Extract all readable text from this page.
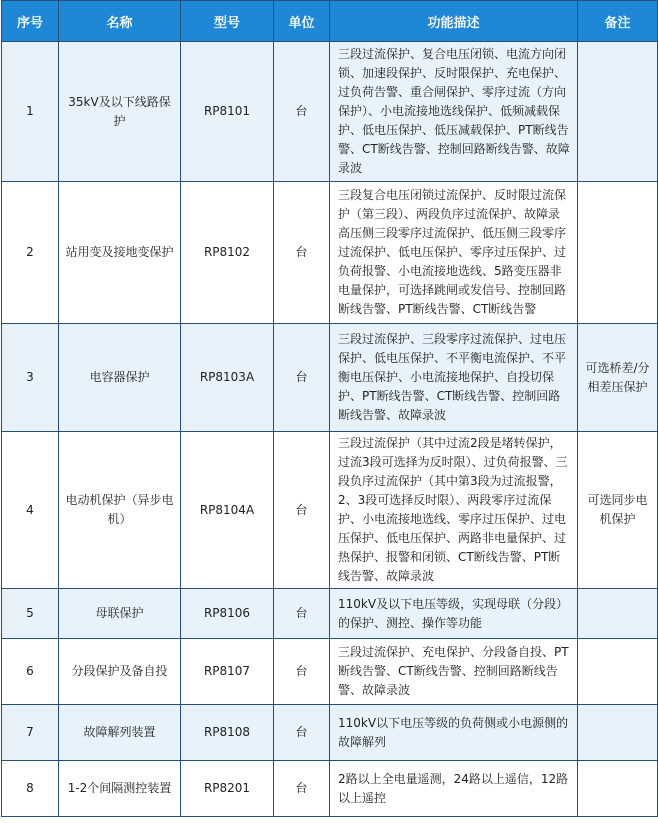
序号	名称	型号	单位	功能描述	备注
1	35kV及以下线路保护	RP8101	台	三段过流保护、复合电压闭锁、电流方向闭锁、加速段保护、反时限保护、充电保护、过负荷告警、重合闸保护、零序过流（方向保护）、小电流接地选线保护、低频减载保护、低电压保护、低压减载保护、PT断线告警、CT断线告警、控制回路断线告警、故障录波	
2	站用变及接地变保护	RP8102	台	三段复合电压闭锁过流保护、反时限过流保护（第三段）、两段负序过流保护、故障录高压侧三段零序过流保护、低压侧三段零序过流保护、低电压保护、零序过压保护、过负荷报警、小电流接地选线、5路变压器非电量保护，可选择跳闸或发信号、控制回路断线告警、PT断线告警、CT断线告警	
3	电容器保护	RP8103A	台	三段过流保护、三段零序过流保护、过电压保护、低电压保护、不平衡电流保护、不平衡电压保护、小电流接地保护、自投切保护、PT断线告警、CT断线告警、控制回路断线告警、故障录波	可选桥差/分相差压保护
4	电动机保护（异步电机）	RP8104A	台	三段过流保护（其中过流2段是堵转保护，过流3段可选择为反时限）、过负荷报警、三段负序过流保护（其中第3段为过流报警，2、3段可选择反时限）、两段零序过流保护、小电流接地选线、零序过压保护、过电压保护、低电压保护、两路非电量保护、过热保护、报警和闭锁、CT断线告警、PT断线告警、故障录波	可选同步电机保护
5	母联保护	RP8106	台	110kV及以下电压等级，实现母联（分段）的保护、测控、操作等功能	
6	分段保护及备自投	RP8107	台	三段过流保护、充电保护、分段备自投、PT断线告警、CT断线告警、控制回路断线告警、故障录波	
7	故障解列装置	RP8108	台	110kV以下电压等级的负荷侧或小电源侧的故障解列	
8	1-2个间隔测控装置	RP8201	台	2路以上全电量遥测，24路以上遥信，12路以上遥控	
